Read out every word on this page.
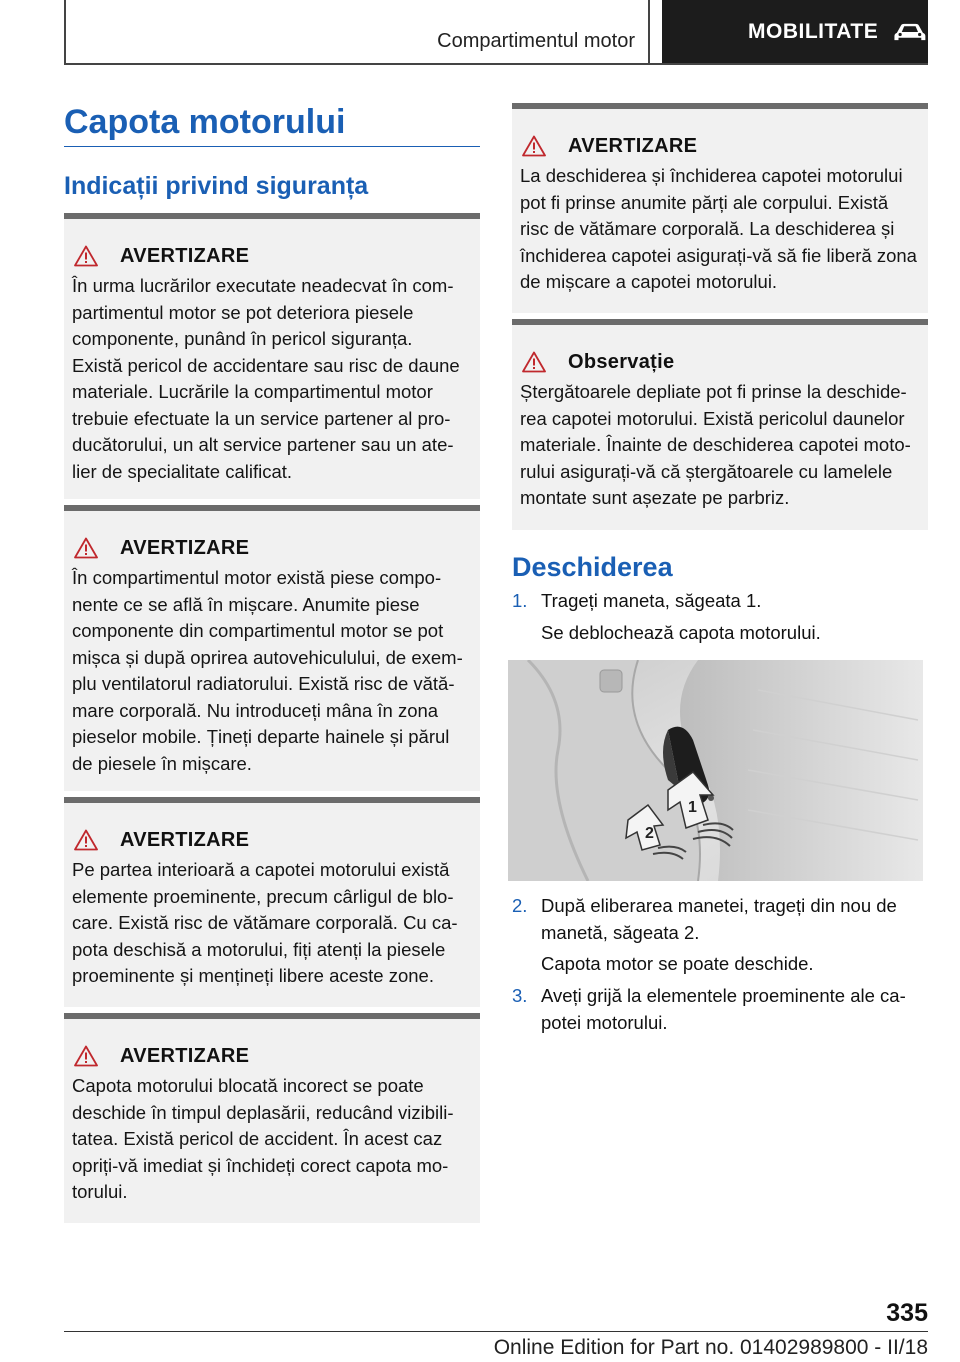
Compartimentul motor	MOBILITATE
Capota motorului
Indicații privind siguranța
AVERTIZARE
În urma lucrărilor executate neadecvat în com-
partimentul motor se pot deteriora piesele
componente, punând în pericol siguranța.
Există pericol de accidentare sau risc de daune
materiale. Lucrările la compartimentul motor
trebuie efectuate la un service partener al pro-
ducătorului, un alt service partener sau un ate-
lier de specialitate calificat.
AVERTIZARE
În compartimentul motor există piese compo-
nente ce se află în mișcare. Anumite piese
componente din compartimentul motor se pot
mișca și după oprirea autovehiculului, de exem-
plu ventilatorul radiatorului. Există risc de vătă-
mare corporală. Nu introduceți mâna în zona
pieselor mobile. Țineți departe hainele și părul
de piesele în mișcare.
AVERTIZARE
Pe partea interioară a capotei motorului există
elemente proeminente, precum cârligul de blo-
care. Există risc de vătămare corporală. Cu ca-
pota deschisă a motorului, fiți atenți la piesele
proeminente și mențineți libere aceste zone.
AVERTIZARE
Capota motorului blocată incorect se poate
deschide în timpul deplasării, reducând vizibili-
tatea. Există pericol de accident. În acest caz
opriți-vă imediat și închideți corect capota mo-
torului.
AVERTIZARE
La deschiderea și închiderea capotei motorului
pot fi prinse anumite părți ale corpului. Există
risc de vătămare corporală. La deschiderea și
închiderea capotei asigurați-vă să fie liberă zona
de mișcare a capotei motorului.
Observație
Ștergătoarele depliate pot fi prinse la deschide-
rea capotei motorului. Există pericolul daunelor
materiale. Înainte de deschiderea capotei moto-
rului asigurați-vă că ștergătoarele cu lamelele
montate sunt așezate pe parbriz.
Deschiderea
1. Trageți maneta, săgeata 1.
Se deblochează capota motorului.
1
2
2. După eliberarea manetei, trageți din nou de
manetă, săgeata 2.
Capota motor se poate deschide.
3. Aveți grijă la elementele proeminente ale ca-
potei motorului.
335
Online Edition for Part no. 01402989800 - II/18
